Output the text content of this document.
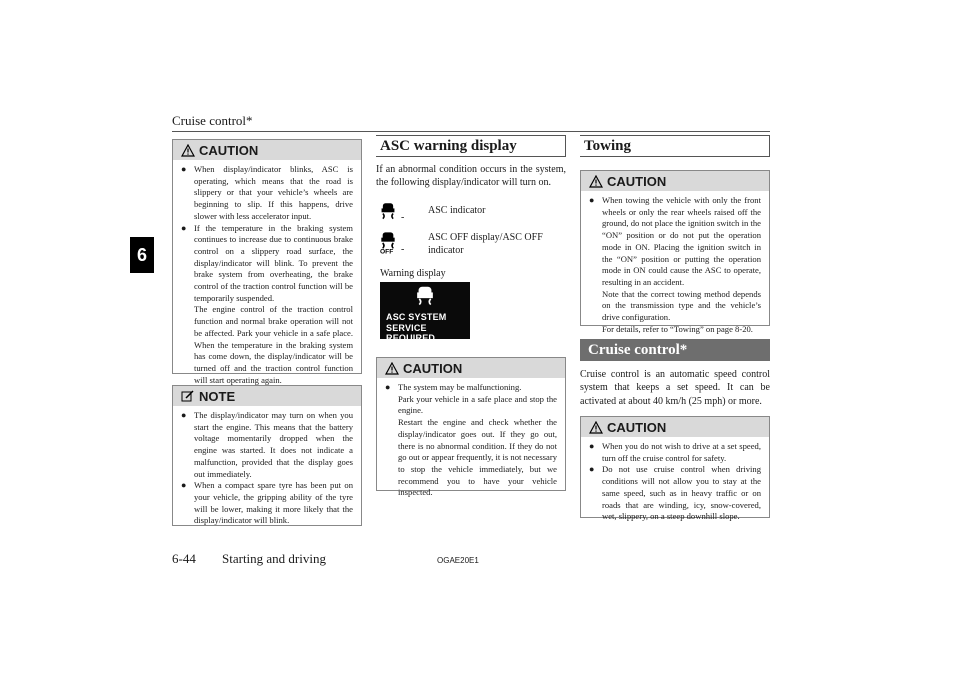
Cruise control*
6
CAUTION
● When display/indicator blinks, ASC is operating, which means that the road is slippery or that your vehicle’s wheels are beginning to slip. If this happens, drive slower with less accelerator input.

● If the temperature in the braking system continues to increase due to continuous brake control on a slippery road surface, the display/indicator will blink. To prevent the brake system from overheating, the brake control of the traction control function will be temporarily suspended.

The engine control of the traction control function and normal brake operation will not be affected. Park your vehicle in a safe place. When the temperature in the braking system has come down, the display/indicator will be turned off and the traction control function will start operating again.

NOTE
● The display/indicator may turn on when you start the engine. This means that the battery voltage momentarily dropped when the engine was started. It does not indicate a malfunction, provided that the display goes out immediately.

● When a compact spare tyre has been put on your vehicle, the gripping ability of the tyre will be lower, making it more likely that the display/indicator will blink.

ASC warning display
If an abnormal condition occurs in the system, the following display/indicator will turn on.
-
ASC indicator
OFF -
ASC OFF display/ASC OFF indicator
Warning display
ASC SYSTEM
SERVICE REQUIRED
CAUTION
● The system may be malfunctioning.

Park your vehicle in a safe place and stop the engine.

Restart the engine and check whether the display/indicator goes out. If they go out, there is no abnormal condition. If they do not go out or appear frequently, it is not necessary to stop the vehicle immediately, but we recommend you to have your vehicle inspected.

Towing
CAUTION
● When towing the vehicle with only the front wheels or only the rear wheels raised off the ground, do not place the ignition switch in the “ON” position or do not put the operation mode in ON. Placing the ignition switch in the “ON” position or putting the operation mode in ON could cause the ASC to operate, resulting in an accident.

Note that the correct towing method depends on the transmission type and the vehicle’s drive configuration.

For details, refer to “Towing” on page 8-20.

Cruise control*
Cruise control is an automatic speed control system that keeps a set speed. It can be activated at about 40 km/h (25 mph) or more.
CAUTION
● When you do not wish to drive at a set speed, turn off the cruise control for safety.

● Do not use cruise control when driving conditions will not allow you to stay at the same speed, such as in heavy traffic or on roads that are winding, icy, snow-covered, wet, slippery, on a steep downhill slope.

6-44 Starting and driving	OGAE20E1
